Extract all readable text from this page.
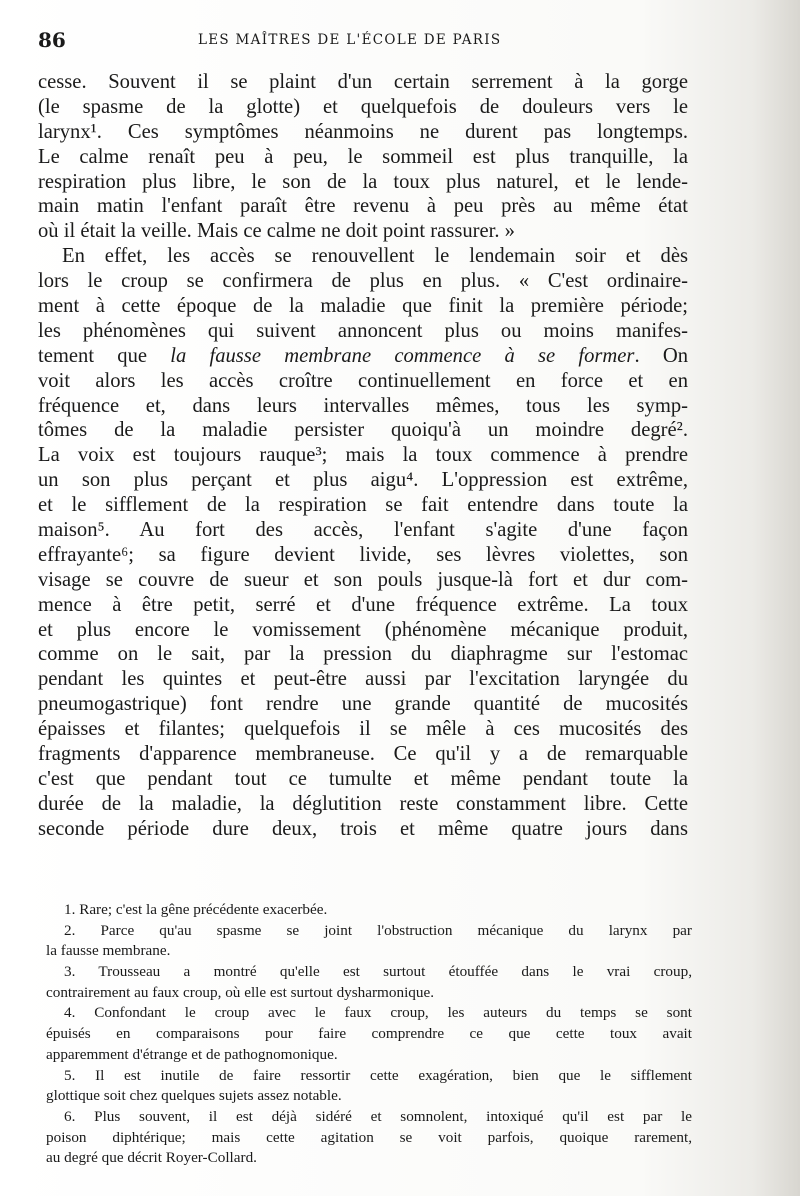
86	LES MAÎTRES DE L'ÉCOLE DE PARIS
cesse. Souvent il se plaint d'un certain serrement à la gorge
(le spasme de la glotte) et quelquefois de douleurs vers le
larynx¹. Ces symptômes néanmoins ne durent pas longtemps.
Le calme renaît peu à peu, le sommeil est plus tranquille, la
respiration plus libre, le son de la toux plus naturel, et le lende-
main matin l'enfant paraît être revenu à peu près au même état
où il était la veille. Mais ce calme ne doit point rassurer. »
En effet, les accès se renouvellent le lendemain soir et dès
lors le croup se confirmera de plus en plus. « C'est ordinaire-
ment à cette époque de la maladie que finit la première période;
les phénomènes qui suivent annoncent plus ou moins manifes-
tement que la fausse membrane commence à se former. On
voit alors les accès croître continuellement en force et en
fréquence et, dans leurs intervalles mêmes, tous les symp-
tômes de la maladie persister quoiqu'à un moindre degré².
La voix est toujours rauque³; mais la toux commence à prendre
un son plus perçant et plus aigu⁴. L'oppression est extrême,
et le sifflement de la respiration se fait entendre dans toute la
maison⁵. Au fort des accès, l'enfant s'agite d'une façon
effrayante⁶; sa figure devient livide, ses lèvres violettes, son
visage se couvre de sueur et son pouls jusque-là fort et dur com-
mence à être petit, serré et d'une fréquence extrême. La toux
et plus encore le vomissement (phénomène mécanique produit,
comme on le sait, par la pression du diaphragme sur l'estomac
pendant les quintes et peut-être aussi par l'excitation laryngée du
pneumogastrique) font rendre une grande quantité de mucosités
épaisses et filantes; quelquefois il se mêle à ces mucosités des
fragments d'apparence membraneuse. Ce qu'il y a de remarquable
c'est que pendant tout ce tumulte et même pendant toute la
durée de la maladie, la déglutition reste constamment libre. Cette
seconde période dure deux, trois et même quatre jours dans
1. Rare; c'est la gêne précédente exacerbée.
2. Parce qu'au spasme se joint l'obstruction mécanique du larynx par
la fausse membrane.
3. Trousseau a montré qu'elle est surtout étouffée dans le vrai croup,
contrairement au faux croup, où elle est surtout dysharmonique.
4. Confondant le croup avec le faux croup, les auteurs du temps se sont
épuisés en comparaisons pour faire comprendre ce que cette toux avait
apparemment d'étrange et de pathognomonique.
5. Il est inutile de faire ressortir cette exagération, bien que le sifflement
glottique soit chez quelques sujets assez notable.
6. Plus souvent, il est déjà sidéré et somnolent, intoxiqué qu'il est par le
poison diphtérique; mais cette agitation se voit parfois, quoique rarement,
au degré que décrit Royer-Collard.
